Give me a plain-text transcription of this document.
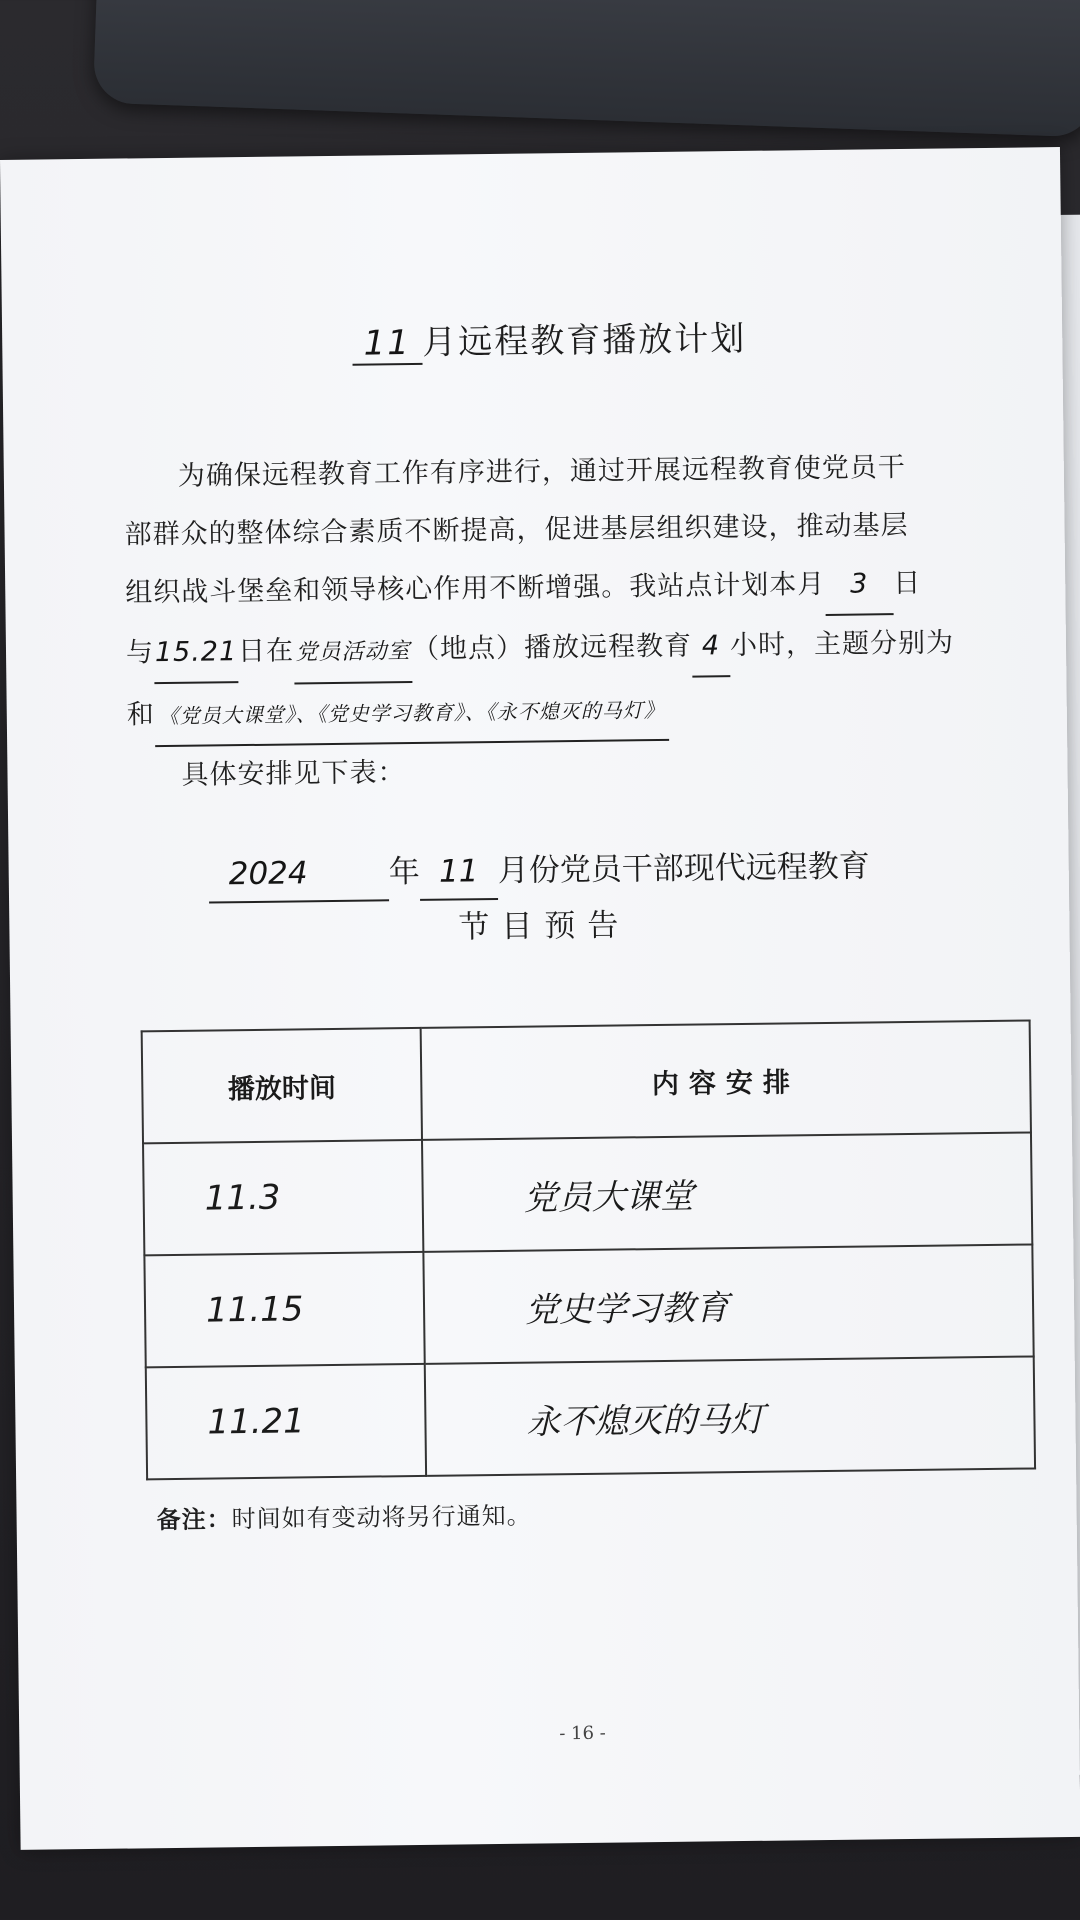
11 月远程教育播放计划

为确保远程教育工作有序进行，通过开展远程教育使党员干

部群众的整体综合素质不断提高，促进基层组织建设，推动基层

组织战斗堡垒和领导核心作用不断增强。我站点计划本月 3 日

与15.21日在党员活动室（地点）播放远程教育 4 小时，主题分别为

和 《党员大课堂》、《党史学习教育》、《永不熄灭的马灯》

具体安排见下表：

2024	年 11 月份党员干部现代远程教育
节目预告
播放时间	内容安排
11.3	党员大课堂
11.15	党史学习教育
11.21	永不熄灭的马灯
备注：时间如有变动将另行通知。
- 16 -
